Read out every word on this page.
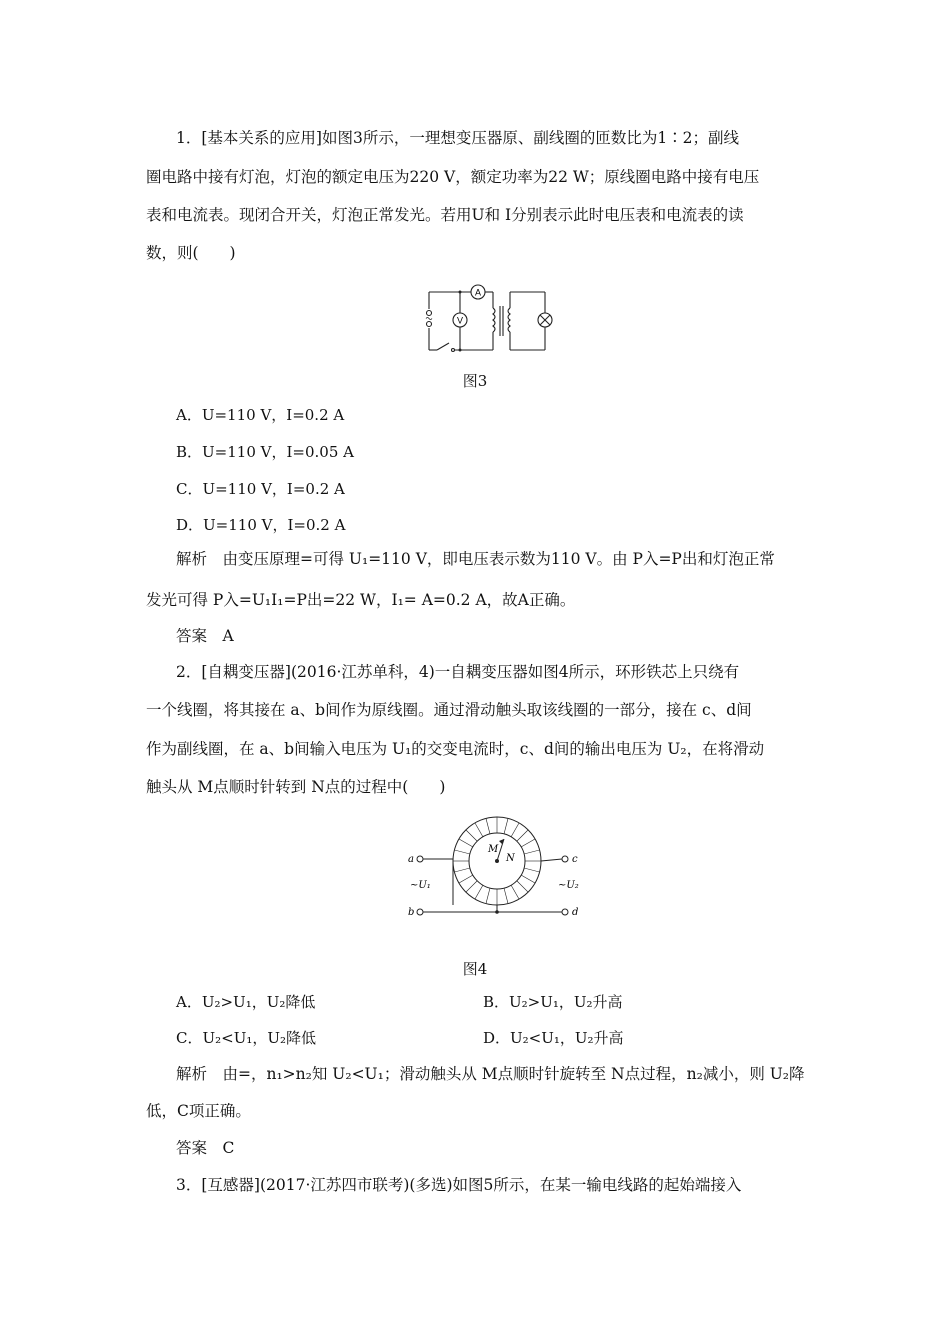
1．[基本关系的应用]如图3所示，一理想变压器原、副线圈的匝数比为1∶2；副线

圈电路中接有灯泡，灯泡的额定电压为220 V，额定功率为22 W；原线圈电路中接有电压

表和电流表。现闭合开关，灯泡正常发光。若用U和 I分别表示此时电压表和电流表的读

数，则(　　)

A
V
图3
A．U=110 V，I=0.2 A
B．U=110 V，I=0.05 A
C．U=110 V，I=0.2 A
D．U=110 V，I=0.2 A

解析　由变压原理=可得 U₁=110 V，即电压表示数为110 V。由 P入=P出和灯泡正常

发光可得 P入=U₁I₁=P出=22 W，I₁= A=0.2 A，故A正确。

答案　A

2．[自耦变压器](2016·江苏单科，4)一自耦变压器如图4所示，环形铁芯上只绕有

一个线圈，将其接在 a、b间作为原线圈。通过滑动触头取该线圈的一部分，接在 c、d间

作为副线圈，在 a、b间输入电压为 U₁的交变电流时，c、d间的输出电压为 U₂，在将滑动

触头从 M点顺时针转到 N点的过程中(　　)

a
b
c
d
~U₁	~U₂
M
N
图4
A．U₂>U₁，U₂降低	B．U₂>U₁，U₂升高
C．U₂<U₁，U₂降低	D．U₂<U₁，U₂升高

解析　由=，n₁>n₂知 U₂<U₁；滑动触头从 M点顺时针旋转至 N点过程，n₂减小，则 U₂降

低，C项正确。

答案　C

3．[互感器](2017·江苏四市联考)(多选)如图5所示，在某一输电线路的起始端接入
